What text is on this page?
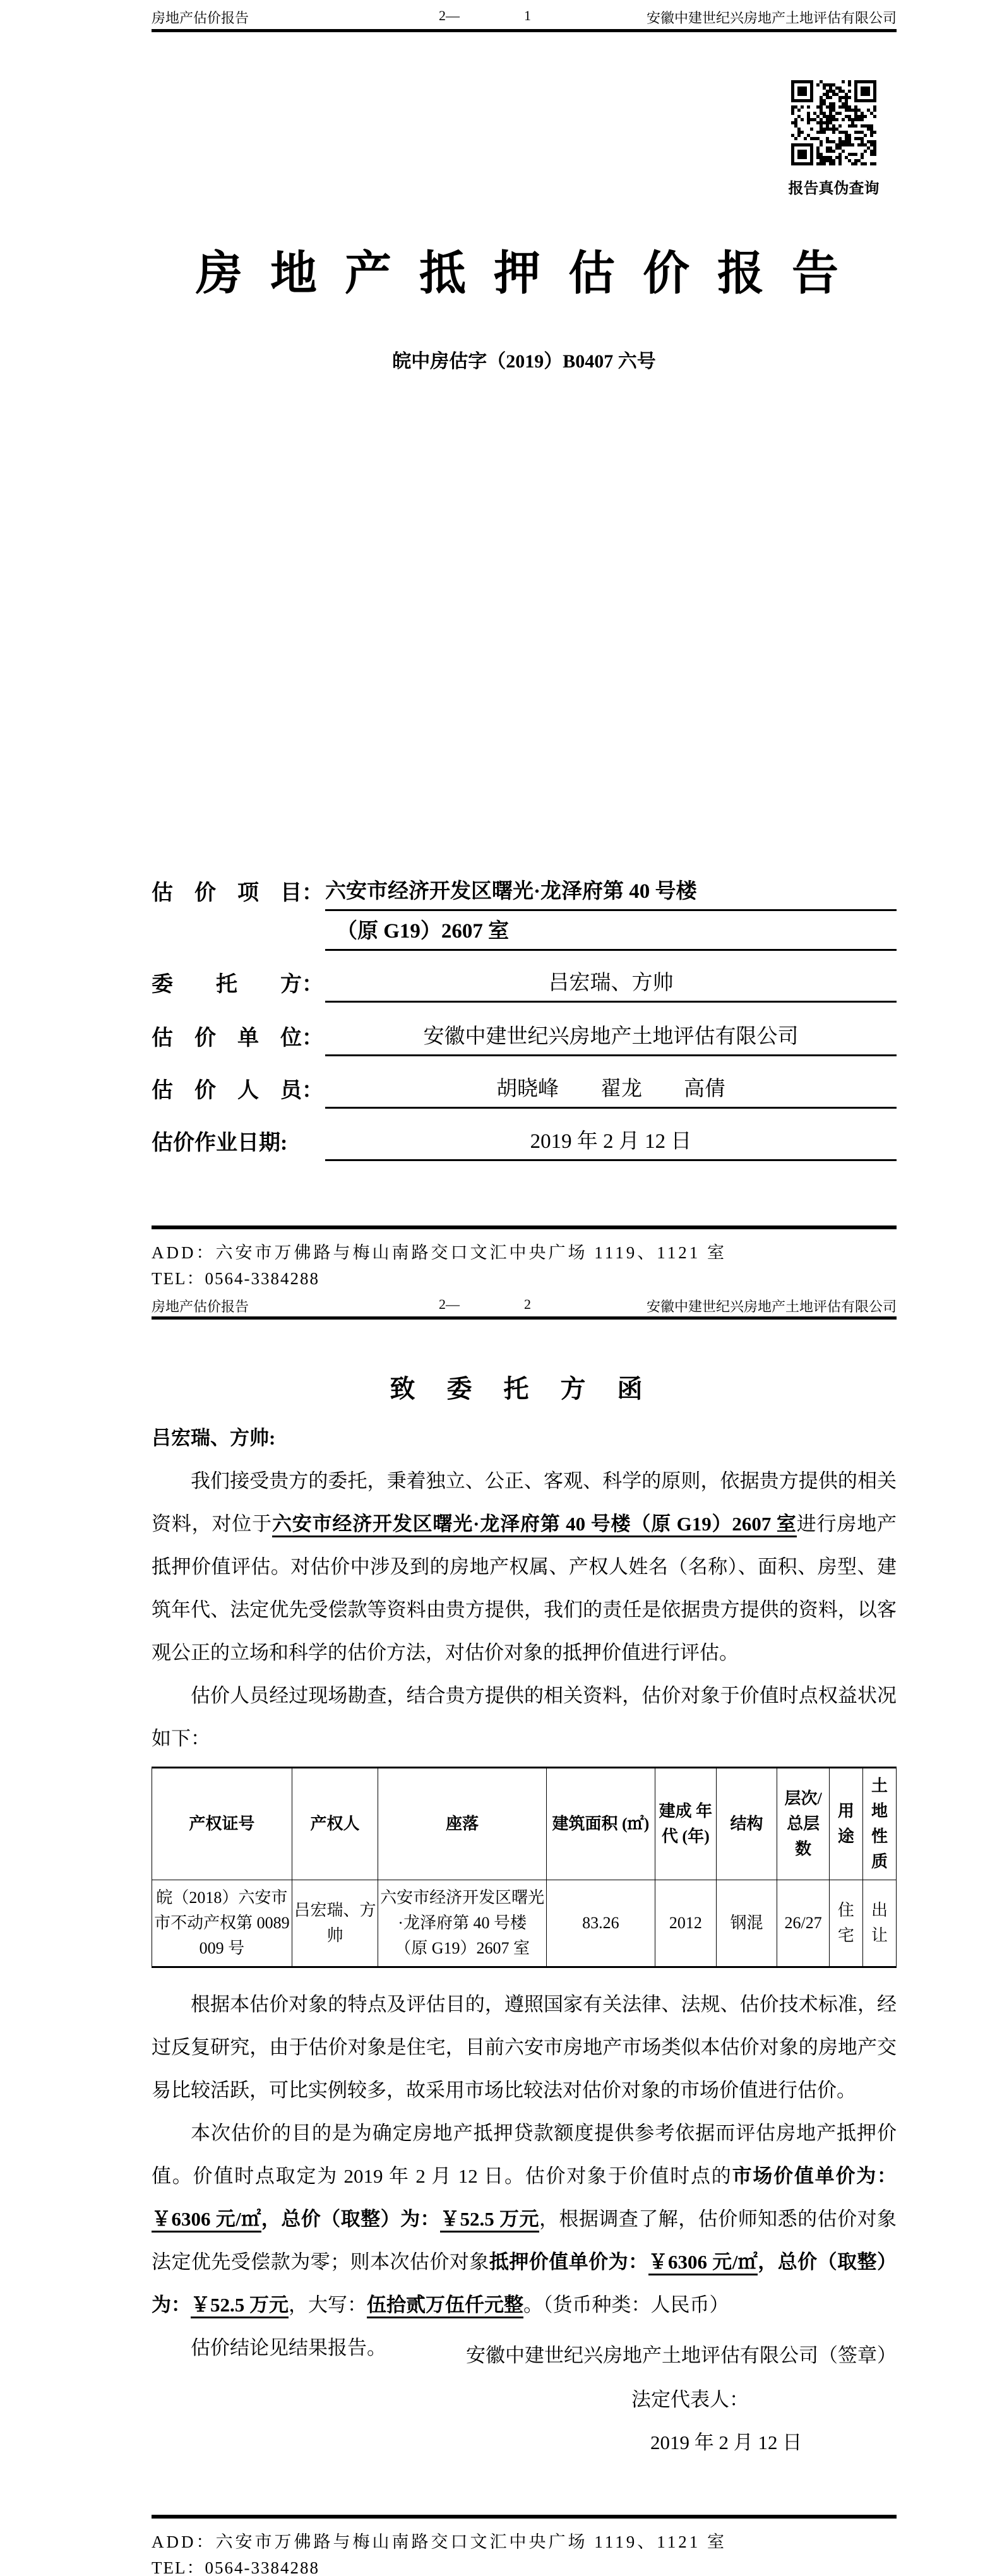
房地产估价报告	2—	1	安徽中建世纪兴房地产土地评估有限公司
报告真伪查询
房地产抵押估价报告
皖中房估字（2019）B0407 六号
估　价　项　目： 六安市经济开发区曙光·龙泽府第 40 号楼
（原 G19）2607 室
委　　托　　方：	吕宏瑞、方帅
估　价　单　位：	安徽中建世纪兴房地产土地评估有限公司
估　价　人　员：	胡晓峰　　翟龙　　高倩
估价作业日期:	2019 年 2 月 12 日
ADD：六安市万佛路与梅山南路交口文汇中央广场 1119、1121 室
TEL：0564-3384288
房地产估价报告	2—	2	安徽中建世纪兴房地产土地评估有限公司
致委托方函
吕宏瑞、方帅:
我们接受贵方的委托，秉着独立、公正、客观、科学的原则，依据贵方提供的相关资料，对位于六安市经济开发区曙光·龙泽府第 40 号楼（原 G19）2607 室进行房地产抵押价值评估。对估价中涉及到的房地产权属、产权人姓名（名称）、面积、房型、建筑年代、法定优先受偿款等资料由贵方提供，我们的责任是依据贵方提供的资料，以客观公正的立场和科学的估价方法，对估价对象的抵押价值进行评估。
估价人员经过现场勘查，结合贵方提供的相关资料，估价对象于价值时点权益状况如下：
产权证号	产权人	座落	建筑面积 (㎡)	建成 年代 (年)	结构	层次/ 总层数	用途	土地 性质
皖（2018）六安市市不动产权第 0089009 号	吕宏瑞、方帅	六安市经济开发区曙光·龙泽府第 40 号楼 （原 G19）2607 室	83.26	2012	钢混	26/27	住宅	出让
根据本估价对象的特点及评估目的，遵照国家有关法律、法规、估价技术标准，经过反复研究，由于估价对象是住宅，目前六安市房地产市场类似本估价对象的房地产交易比较活跃，可比实例较多，故采用市场比较法对估价对象的市场价值进行估价。
本次估价的目的是为确定房地产抵押贷款额度提供参考依据而评估房地产抵押价值。价值时点取定为 2019 年 2 月 12 日。估价对象于价值时点的市场价值单价为：￥6306 元/㎡，总价（取整）为：￥52.5 万元，根据调查了解，估价师知悉的估价对象法定优先受偿款为零；则本次估价对象抵押价值单价为：￥6306 元/㎡，总价（取整）为：￥52.5 万元，大写：伍拾贰万伍仟元整。（货币种类：人民币）
估价结论见结果报告。	安徽中建世纪兴房地产土地评估有限公司（签章）
法定代表人：
2019 年 2 月 12 日
ADD：六安市万佛路与梅山南路交口文汇中央广场 1119、1121 室
TEL：0564-3384288
